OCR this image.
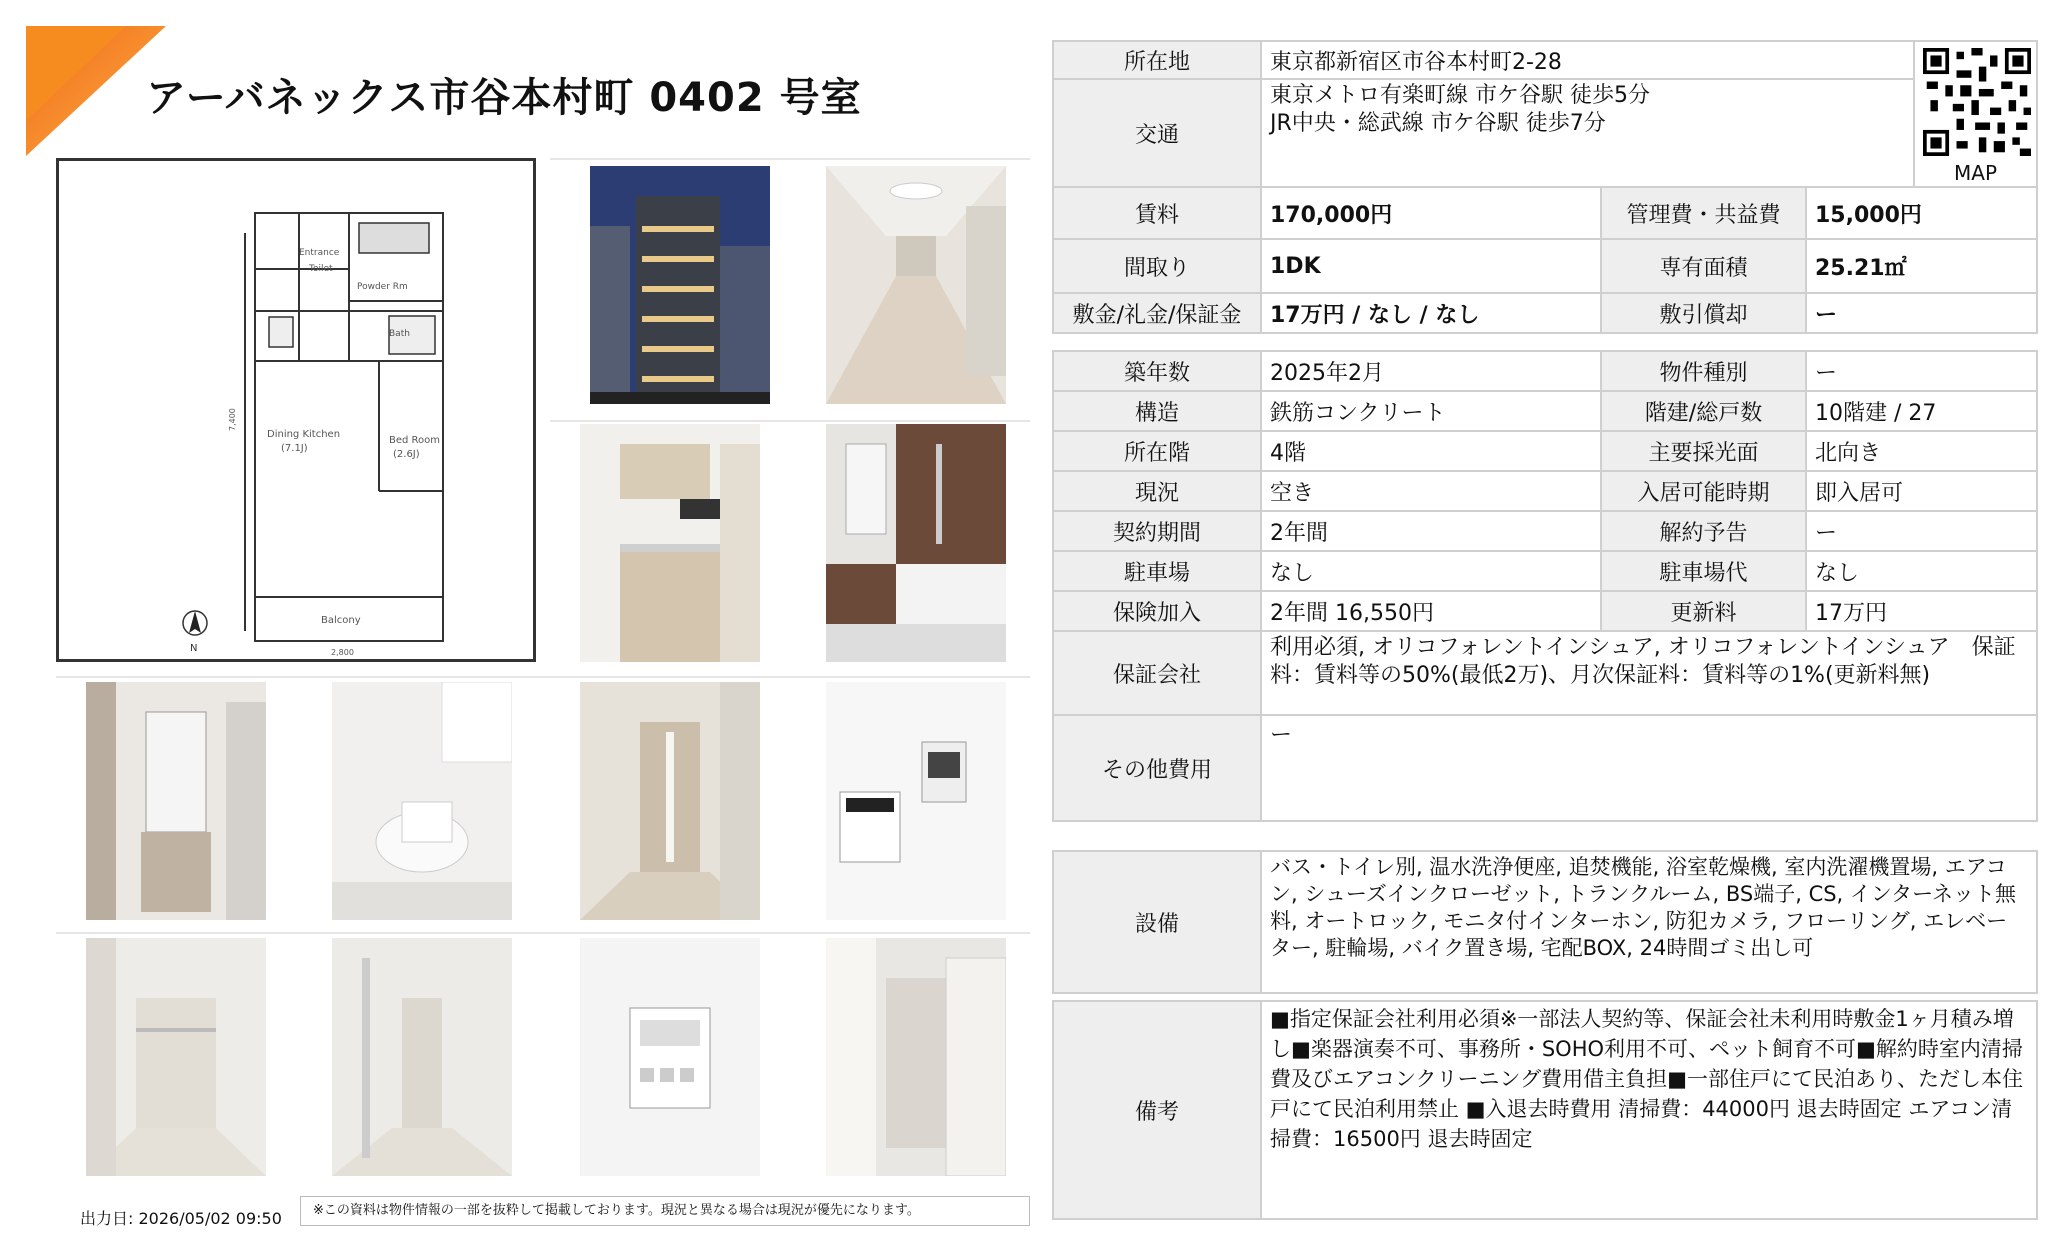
アーバネックス市谷本村町 0402 号室
Toilet
Entrance
Powder Rm
Bath
Dining Kitchen
(7.1J)
Bed Room
(2.6J)
Balcony
7,400
2,800
N
出力日: 2026/05/02 09:50	※この資料は物件情報の一部を抜粋して掲載しております。現況と異なる場合は現況が優先になります。
所在地	東京都新宿区市谷本村町2-28			MAP

交通	東京メトロ有楽町線 市ケ谷駅 徒歩5分
JR中央・総武線 市ケ谷駅 徒歩7分			

賃料	170,000円	管理費・共益費	15,000円	
間取り	1DK	専有面積	25.21㎡	
敷金/礼金/保証金	17万円 / なし / なし	敷引償却	ー	
築年数	2025年2月	物件種別	ー
構造	鉄筋コンクリート	階建/総戸数	10階建 / 27
所在階	4階	主要採光面	北向き
現況	空き	入居可能時期	即入居可
契約期間	2年間	解約予告	ー
駐車場	なし	駐車場代	なし
保険加入	2年間 16,550円	更新料	17万円
保証会社	利用必須, オリコフォレントインシュア, オリコフォレントインシュア　保証料：賃料等の50%(最低2万)、月次保証料：賃料等の1%(更新料無)		
その他費用	ー		
設備	バス・トイレ別, 温水洗浄便座, 追焚機能, 浴室乾燥機, 室内洗濯機置場, エアコン, シューズインクローゼット, トランクルーム, BS端子, CS, インターネット無料, オートロック, モニタ付インターホン, 防犯カメラ, フローリング, エレベーター, 駐輪場, バイク置き場, 宅配BOX, 24時間ゴミ出し可
備考	■指定保証会社利用必須※一部法人契約等、保証会社未利用時敷金1ヶ月積み増し■楽器演奏不可、事務所・SOHO利用不可、ペット飼育不可■解約時室内清掃費及びエアコンクリーニング費用借主負担■一部住戸にて民泊あり、ただし本住戸にて民泊利用禁止 ■入退去時費用 清掃費：44000円 退去時固定 エアコン清掃費：16500円 退去時固定
